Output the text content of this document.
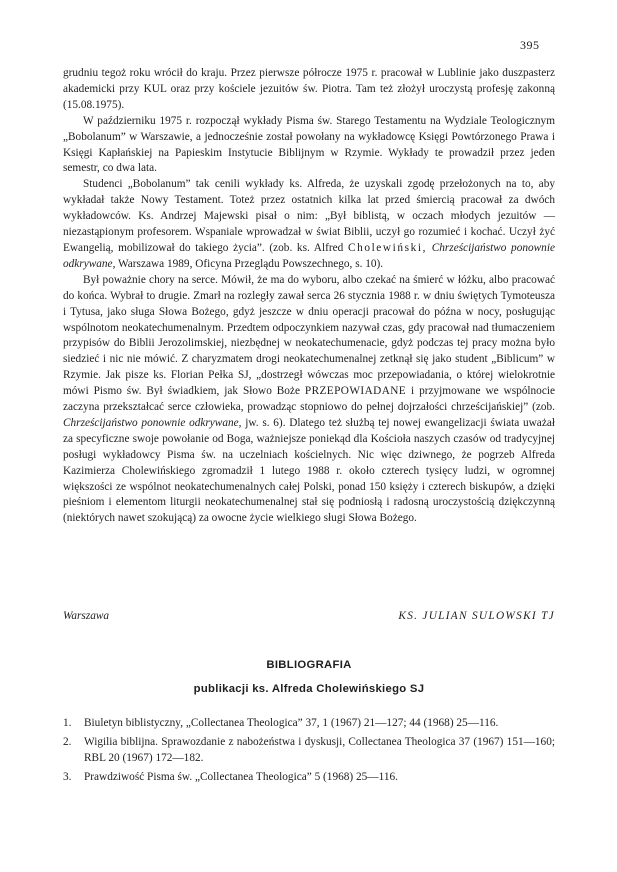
395

grudniu tegoż roku wrócił do kraju. Przez pierwsze półrocze 1975 r. pracował w Lublinie jako duszpasterz akademicki przy KUL oraz przy kościele jezuitów św. Piotra. Tam też złożył uroczystą profesję zakonną (15.08.1975).

W październiku 1975 r. rozpoczął wykłady Pisma św. Starego Testamentu na Wydziale Teologicznym „Bobolanum” w Warszawie, a jednocześnie został powołany na wykładowcę Księgi Powtórzonego Prawa i Księgi Kapłańskiej na Papieskim Instytucie Biblijnym w Rzymie. Wykłady te prowadził przez jeden semestr, co dwa lata.

Studenci „Bobolanum” tak cenili wykłady ks. Alfreda, że uzyskali zgodę przełożonych na to, aby wykładał także Nowy Testament. Toteż przez ostatnich kilka lat przed śmiercią pracował za dwóch wykładowców. Ks. Andrzej Majewski pisał o nim: „Był biblistą, w oczach młodych jezuitów — niezastąpionym profesorem. Wspaniale wprowadzał w świat Biblii, uczył go rozumieć i kochać. Uczył żyć Ewangelią, mobilizował do takiego życia”. (zob. ks. Alfred Cholewiński, Chrześcijaństwo ponownie odkrywane, Warszawa 1989, Oficyna Przeglądu Powszechnego, s. 10).

Był poważnie chory na serce. Mówił, że ma do wyboru, albo czekać na śmierć w łóżku, albo pracować do końca. Wybrał to drugie. Zmarł na rozległy zawał serca 26 stycznia 1988 r. w dniu świętych Tymoteusza i Tytusa, jako sługa Słowa Bożego, gdyż jeszcze w dniu operacji pracował do późna w nocy, posługując wspólnotom neokatechumenalnym. Przedtem odpoczynkiem nazywał czas, gdy pracował nad tłumaczeniem przypisów do Biblii Jerozolimskiej, niezbędnej w neokatechumenacie, gdyż podczas tej pracy można było siedzieć i nic nie mówić. Z charyzmatem drogi neokatechumenalnej zetknął się jako student „Biblicum” w Rzymie. Jak pisze ks. Florian Pełka SJ, „dostrzegł wówczas moc przepowiadania, o której wielokrotnie mówi Pismo św. Był świadkiem, jak Słowo Boże PRZEPOWIADANE i przyjmowane we wspólnocie zaczyna przekształcać serce człowieka, prowadząc stopniowo do pełnej dojrzałości chrześcijańskiej” (zob. Chrześcijaństwo ponownie odkrywane, jw. s. 6). Dlatego też służbą tej nowej ewangelizacji świata uważał za specyficzne swoje powołanie od Boga, ważniejsze poniekąd dla Kościoła naszych czasów od tradycyjnej posługi wykładowcy Pisma św. na uczelniach kościelnych. Nic więc dziwnego, że pogrzeb Alfreda Kazimierza Cholewińskiego zgromadził 1 lutego 1988 r. około czterech tysięcy ludzi, w ogromnej większości ze wspólnot neokatechumenalnych całej Polski, ponad 150 księży i czterech biskupów, a dzięki pieśniom i elementom liturgii neokatechumenalnej stał się podniosłą i radosną uroczystością dziękczynną (niektórych nawet szokującą) za owocne życie wielkiego sługi Słowa Bożego.

Warszawa	KS. JULIAN SULOWSKI TJ
BIBLIOGRAFIA
publikacji ks. Alfreda Cholewińskiego SJ
1. Biuletyn biblistyczny, „Collectanea Theologica” 37, 1 (1967) 21—127; 44 (1968) 25—116.
2. Wigilia biblijna. Sprawozdanie z nabożeństwa i dyskusji, Collectanea Theologica 37 (1967) 151—160; RBL 20 (1967) 172—182.
3. Prawdziwość Pisma św. „Collectanea Theologica” 5 (1968) 25—116.
